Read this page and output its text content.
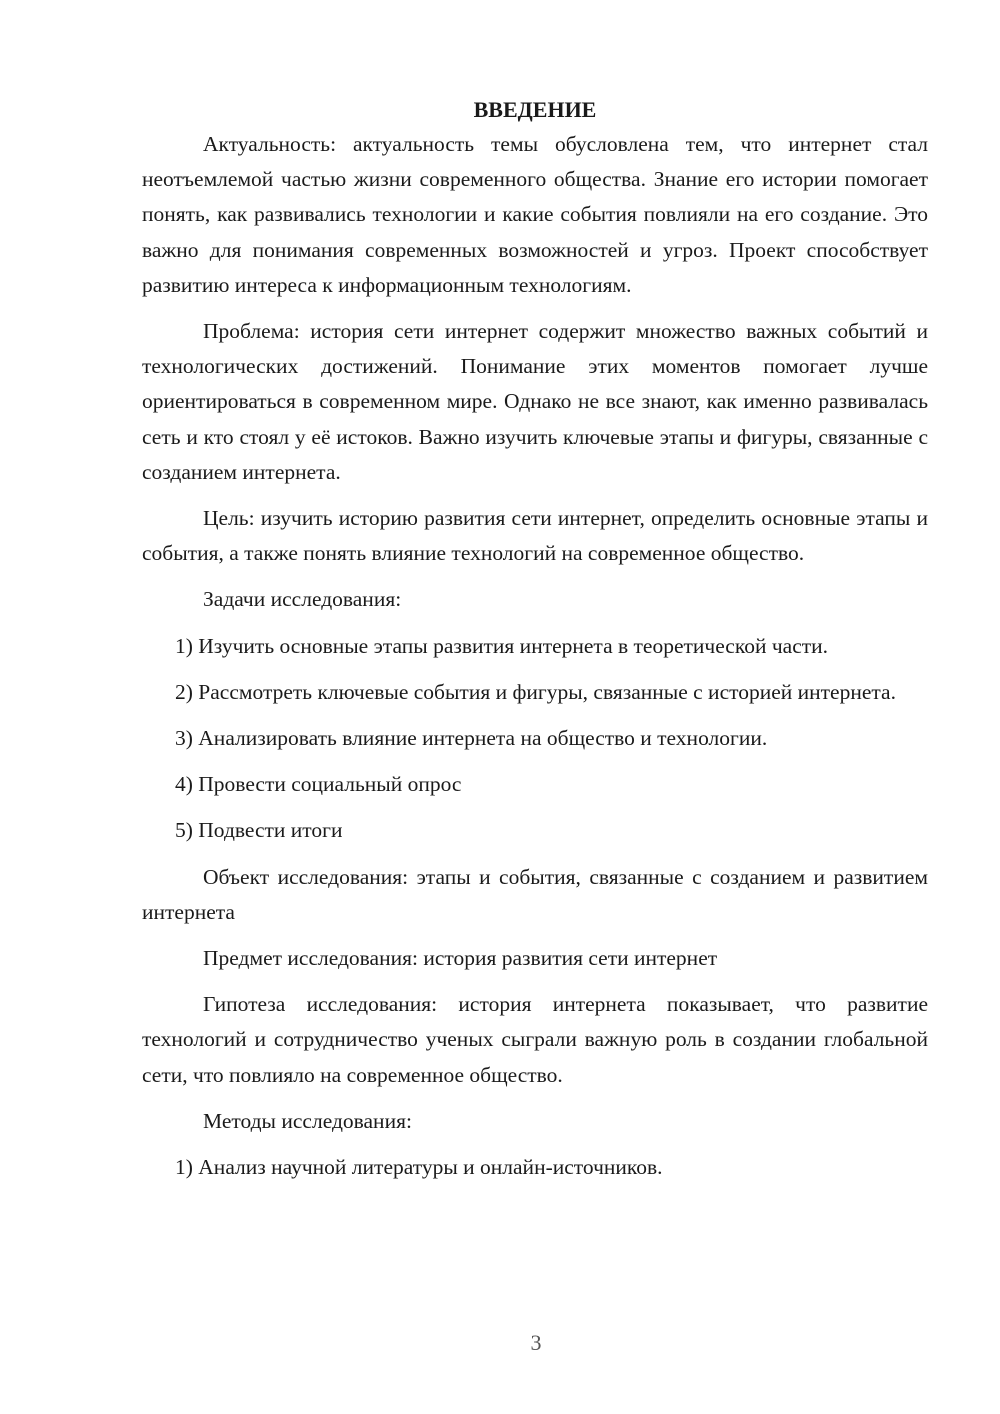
ВВЕДЕНИЕ

Актуальность: актуальность темы обусловлена тем, что интернет стал неотъемлемой частью жизни современного общества. Знание его истории помогает понять, как развивались технологии и какие события повлияли на его создание. Это важно для понимания современных возможностей и угроз. Проект способствует развитию интереса к информационным технологиям.

Проблема: история сети интернет содержит множество важных событий и технологических достижений. Понимание этих моментов помогает лучше ориентироваться в современном мире. Однако не все знают, как именно развивалась сеть и кто стоял у её истоков. Важно изучить ключевые этапы и фигуры, связанные с созданием интернета.

Цель: изучить историю развития сети интернет, определить основные этапы и события, а также понять влияние технологий на современное общество.

Задачи исследования:

1) Изучить основные этапы развития интернета в теоретической части.

2) Рассмотреть ключевые события и фигуры, связанные с историей интернета.

3) Анализировать влияние интернета на общество и технологии.

4) Провести социальный опрос

5) Подвести итоги

Объект исследования: этапы и события, связанные с созданием и развитием интернета

Предмет исследования: история развития сети интернет

Гипотеза исследования: история интернета показывает, что развитие технологий и сотрудничество ученых сыграли важную роль в создании глобальной сети, что повлияло на современное общество.

Методы исследования:

1) Анализ научной литературы и онлайн-источников.

3
